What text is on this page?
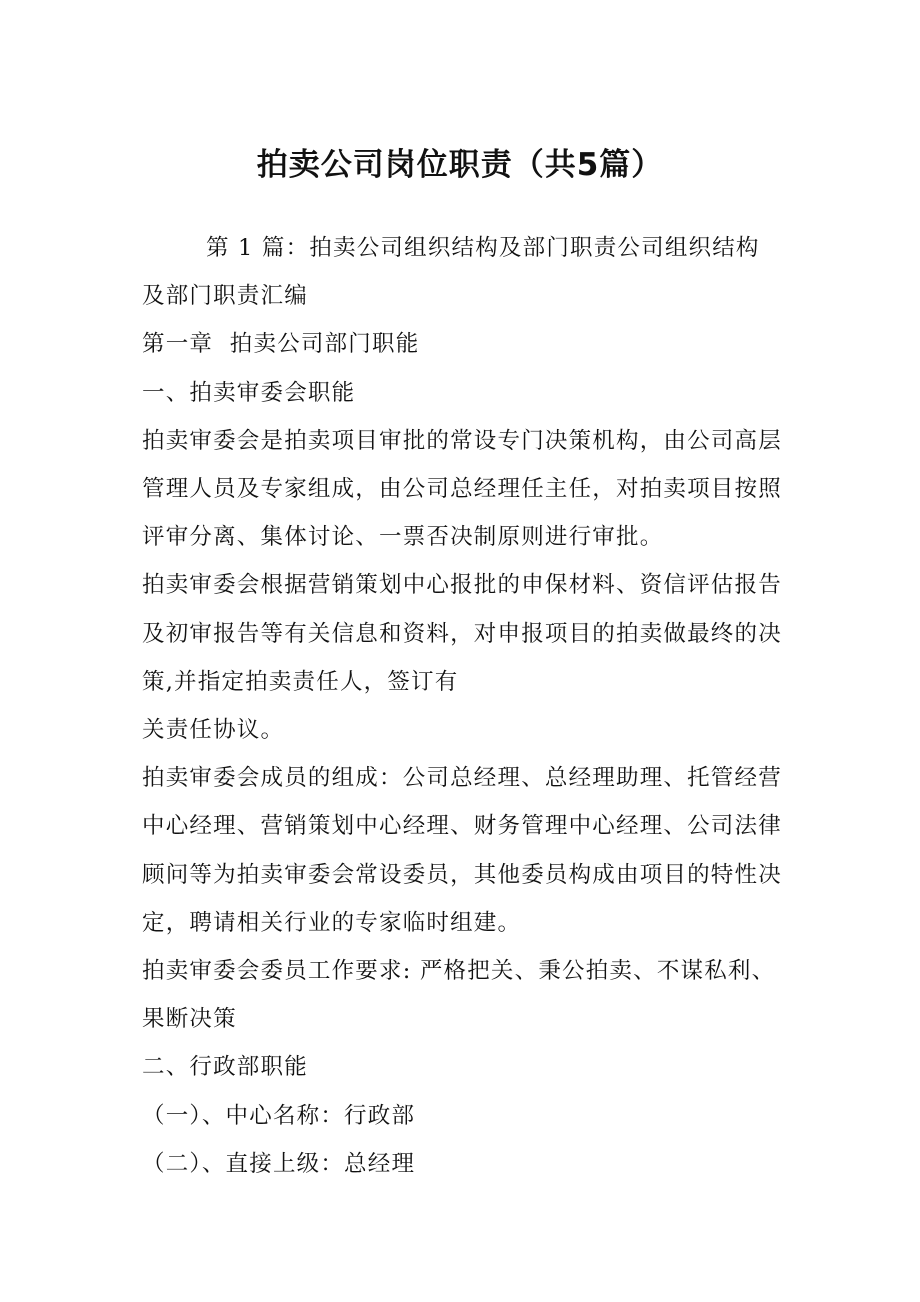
拍卖公司岗位职责（共5篇）

第 1 篇：拍卖公司组织结构及部门职责公司组织结构及部门职责汇编

第一章  拍卖公司部门职能

一、拍卖审委会职能

拍卖审委会是拍卖项目审批的常设专门决策机构，由公司高层管理人员及专家组成，由公司总经理任主任，对拍卖项目按照评审分离、集体讨论、一票否决制原则进行审批。

拍卖审委会根据营销策划中心报批的申保材料、资信评估报告及初审报告等有关信息和资料，对申报项目的拍卖做最终的决策,并指定拍卖责任人，签订有

关责任协议。

拍卖审委会成员的组成：公司总经理、总经理助理、托管经营中心经理、营销策划中心经理、财务管理中心经理、公司法律顾问等为拍卖审委会常设委员，其他委员构成由项目的特性决定，聘请相关行业的专家临时组建。

拍卖审委会委员工作要求: 严格把关、秉公拍卖、不谋私利、果断决策

二、行政部职能

（一）、中心名称：行政部

（二）、直接上级：总经理
